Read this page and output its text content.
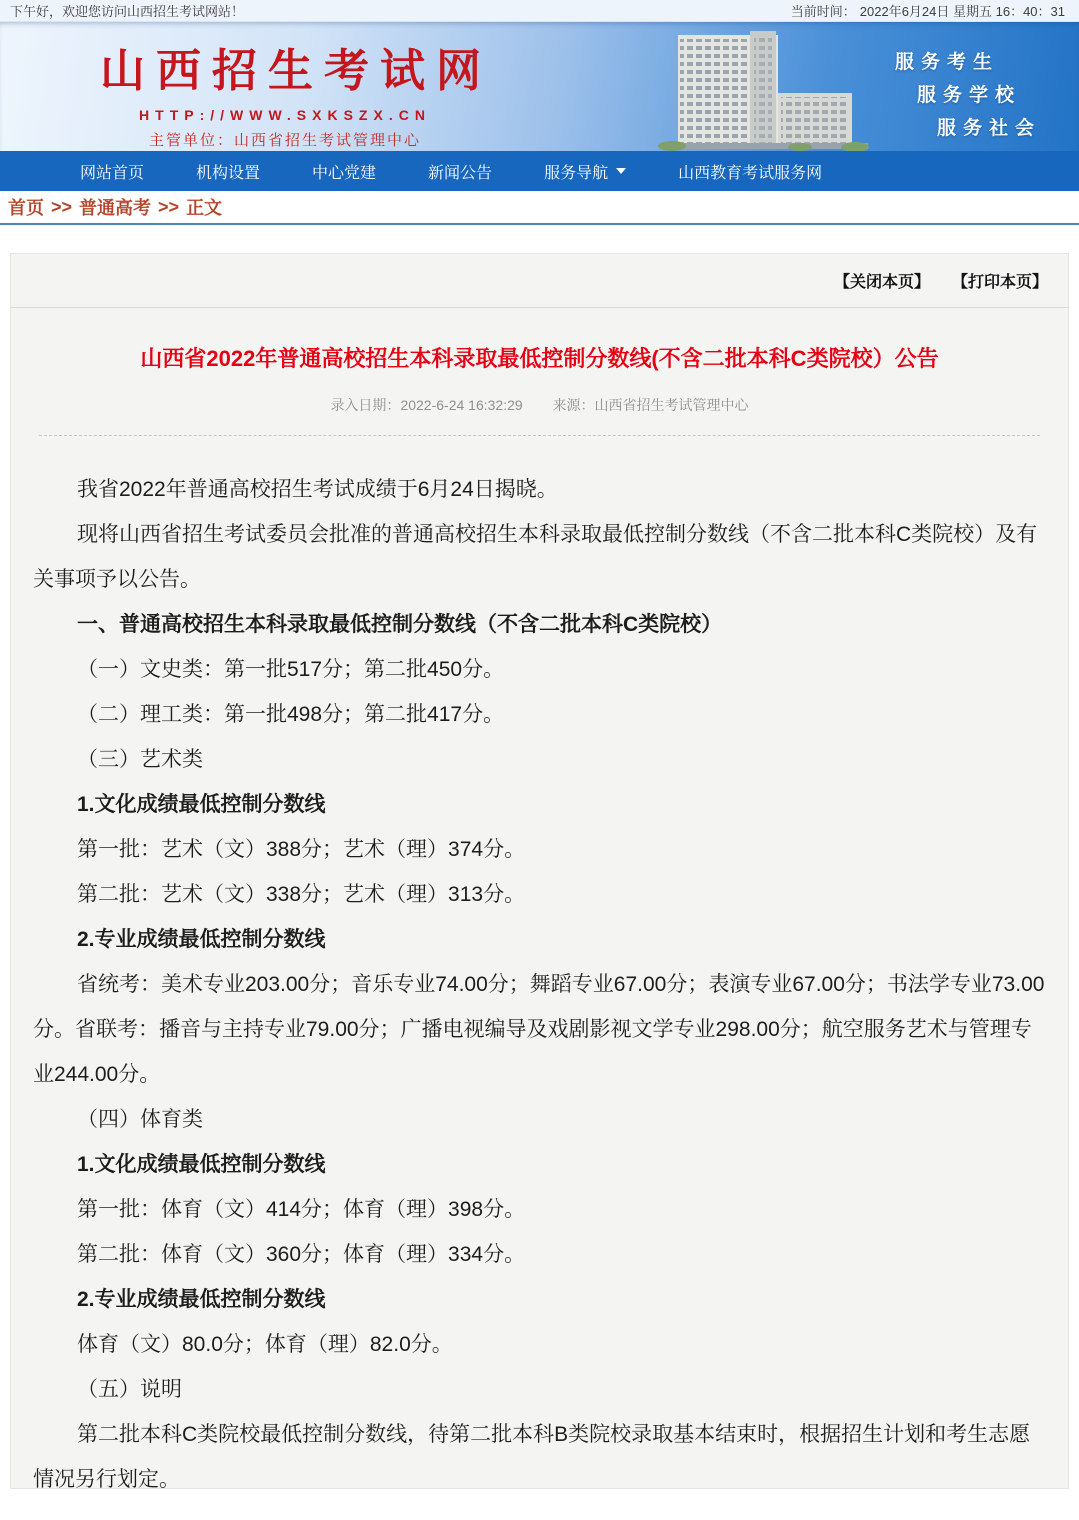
下午好，欢迎您访问山西招生考试网站！	当前时间： 2022年6月24日 星期五 16：40：31
山西招生考试网
HTTP://WWW.SXKSZX.CN
主管单位：山西省招生考试管理中心
服务考生
服务学校
服务社会
网站首页	机构设置	中心党建	新闻公告	服务导航	山西教育考试服务网
首页 >> 普通高考 >> 正文
【关闭本页】 【打印本页】
山西省2022年普通高校招生本科录取最低控制分数线(不含二批本科C类院校）公告
录入日期：2022-6-24 16:32:29 来源：山西省招生考试管理中心

我省2022年普通高校招生考试成绩于6月24日揭晓。

现将山西省招生考试委员会批准的普通高校招生本科录取最低控制分数线（不含二批本科C类院校）及有关事项予以公告。

一、普通高校招生本科录取最低控制分数线（不含二批本科C类院校）

（一）文史类：第一批517分；第二批450分。

（二）理工类：第一批498分；第二批417分。

（三）艺术类

1.文化成绩最低控制分数线

第一批：艺术（文）388分；艺术（理）374分。

第二批：艺术（文）338分；艺术（理）313分。

2.专业成绩最低控制分数线

省统考：美术专业203.00分；音乐专业74.00分；舞蹈专业67.00分；表演专业67.00分；书法学专业73.00分。省联考：播音与主持专业79.00分；广播电视编导及戏剧影视文学专业298.00分；航空服务艺术与管理专业244.00分。

（四）体育类

1.文化成绩最低控制分数线

第一批：体育（文）414分；体育（理）398分。

第二批：体育（文）360分；体育（理）334分。

2.专业成绩最低控制分数线

体育（文）80.0分；体育（理）82.0分。

（五）说明

第二批本科C类院校最低控制分数线，待第二批本科B类院校录取基本结束时，根据招生计划和考生志愿情况另行划定。
